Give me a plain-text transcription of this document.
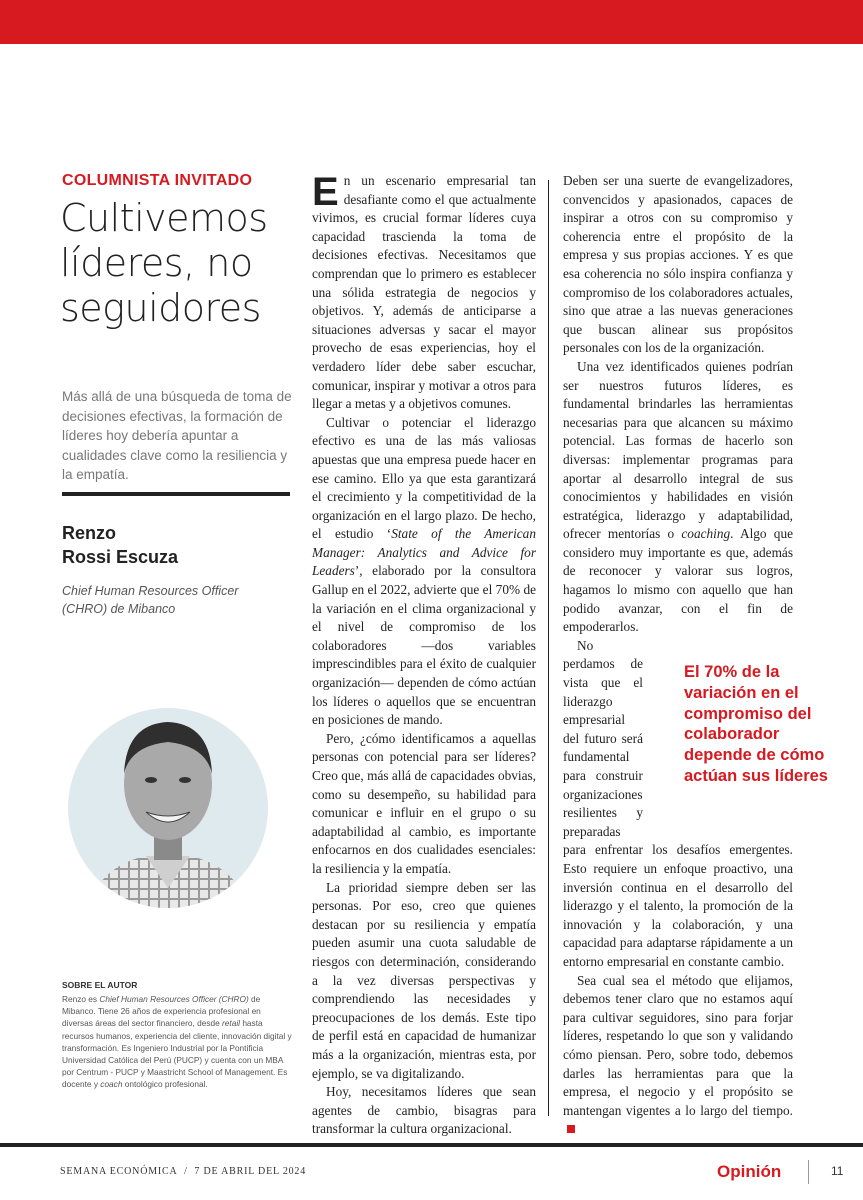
COLUMNISTA INVITADO
Cultivemos líderes, no seguidores

Más allá de una búsqueda de toma de decisiones efectivas, la formación de líderes hoy debería apuntar a cualidades clave como la resiliencia y la empatía.

Renzo
Rossi Escuza
Chief Human Resources Officer (CHRO) de Mibanco
SOBRE EL AUTOR

Renzo es Chief Human Resources Officer (CHRO) de Mibanco. Tiene 26 años de experiencia profesional en diversas áreas del sector financiero, desde retail hasta recursos humanos, experiencia del cliente, innovación digital y transformación. Es Ingeniero Industrial por la Pontificia Universidad Católica del Perú (PUCP) y cuenta con un MBA por Centrum - PUCP y Maastricht School of Management. Es docente y coach ontológico profesional.

En un escenario empresarial tan desafiante como el que actualmente vivimos, es crucial formar líderes cuya capacidad trascienda la toma de decisiones efectivas. Necesitamos que comprendan que lo primero es establecer una sólida estrategia de negocios y objetivos. Y, además de anticiparse a situaciones adversas y sacar el mayor provecho de esas experiencias, hoy el verdadero líder debe saber escuchar, comunicar, inspirar y motivar a otros para llegar a metas y a objetivos comunes.

Cultivar o potenciar el liderazgo efectivo es una de las más valiosas apuestas que una empresa puede hacer en ese camino. Ello ya que esta garantizará el crecimiento y la competitividad de la organización en el largo plazo. De hecho, el estudio ‘State of the American Manager: Analytics and Advice for Leaders’, elaborado por la consultora Gallup en el 2022, advierte que el 70% de la variación en el clima organizacional y el nivel de compromiso de los colaboradores —dos variables imprescindibles para el éxito de cualquier organización— dependen de cómo actúan los líderes o aquellos que se encuentran en posiciones de mando.

Pero, ¿cómo identificamos a aquellas personas con potencial para ser líderes? Creo que, más allá de capacidades obvias, como su desempeño, su habilidad para comunicar e influir en el grupo o su adaptabilidad al cambio, es importante enfocarnos en dos cualidades esenciales: la resiliencia y la empatía.

La prioridad siempre deben ser las personas. Por eso, creo que quienes destacan por su resiliencia y empatía pueden asumir una cuota saludable de riesgos con determinación, considerando a la vez diversas perspectivas y comprendiendo las necesidades y preocupaciones de los demás. Este tipo de perfil está en capacidad de humanizar más a la organización, mientras esta, por ejemplo, se va digitalizando.

Hoy, necesitamos líderes que sean agentes de cambio, bisagras para transformar la cultura organizacional.

Deben ser una suerte de evangelizadores, convencidos y apasionados, capaces de inspirar a otros con su compromiso y coherencia entre el propósito de la empresa y sus propias acciones. Y es que esa coherencia no sólo inspira confianza y compromiso de los colaboradores actuales, sino que atrae a las nuevas generaciones que buscan alinear sus propósitos personales con los de la organización.

Una vez identificados quienes podrían ser nuestros futuros líderes, es fundamental brindarles las herramientas necesarias para que alcancen su máximo potencial. Las formas de hacerlo son diversas: implementar programas para aportar al desarrollo integral de sus conocimientos y habilidades en visión estratégica, liderazgo y adaptabilidad, ofrecer mentorías o coaching. Algo que considero muy importante es que, además de reconocer y valorar sus logros, hagamos lo mismo con aquello que han podido avanzar, con el fin de empoderarlos.

No perdamos de vista que el liderazgo empresarial del futuro será fundamental para construir organizaciones resilientes y preparadas para enfrentar los desafíos emergentes. Esto requiere un enfoque proactivo, una inversión continua en el desarrollo del liderazgo y el talento, la promoción de la innovación y la colaboración, y una capacidad para adaptarse rápidamente a un entorno empresarial en constante cambio.

Sea cual sea el método que elijamos, debemos tener claro que no estamos aquí para cultivar seguidores, sino para forjar líderes, respetando lo que son y validando cómo piensan. Pero, sobre todo, debemos darles las herramientas para que la empresa, el negocio y el propósito se mantengan vigentes a lo largo del tiempo.

El 70% de la variación en el compromiso del colaborador depende de cómo actúan sus líderes
SEMANA ECONÓMICA / 7 DE ABRIL DEL 2024	Opinión	11
